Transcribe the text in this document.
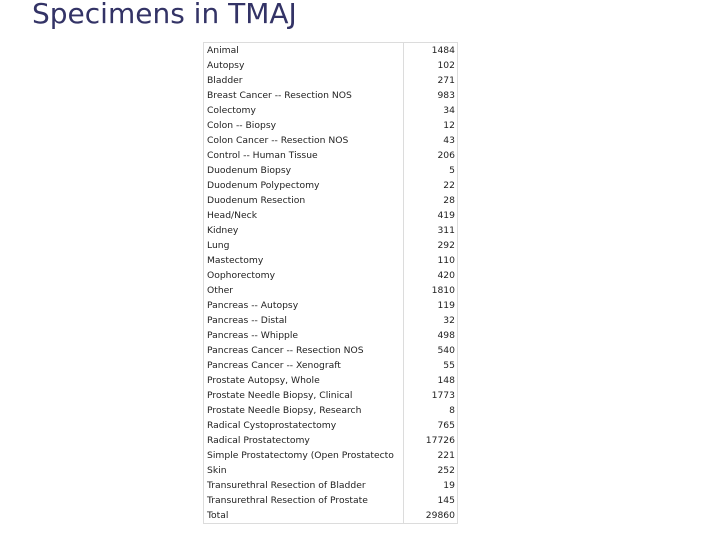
Specimens in TMAJ
Animal	1484
Autopsy	102
Bladder	271
Breast Cancer -- Resection NOS	983
Colectomy	34
Colon -- Biopsy	12
Colon Cancer -- Resection NOS	43
Control -- Human Tissue	206
Duodenum Biopsy	5
Duodenum Polypectomy	22
Duodenum Resection	28
Head/Neck	419
Kidney	311
Lung	292
Mastectomy	110
Oophorectomy	420
Other	1810
Pancreas -- Autopsy	119
Pancreas -- Distal	32
Pancreas -- Whipple	498
Pancreas Cancer -- Resection NOS	540
Pancreas Cancer -- Xenograft	55
Prostate Autopsy, Whole	148
Prostate Needle Biopsy, Clinical	1773
Prostate Needle Biopsy, Research	8
Radical Cystoprostatectomy	765
Radical Prostatectomy	17726
Simple Prostatectomy (Open Prostatecto	221
Skin	252
Transurethral Resection of Bladder	19
Transurethral Resection of Prostate	145
Total	29860
